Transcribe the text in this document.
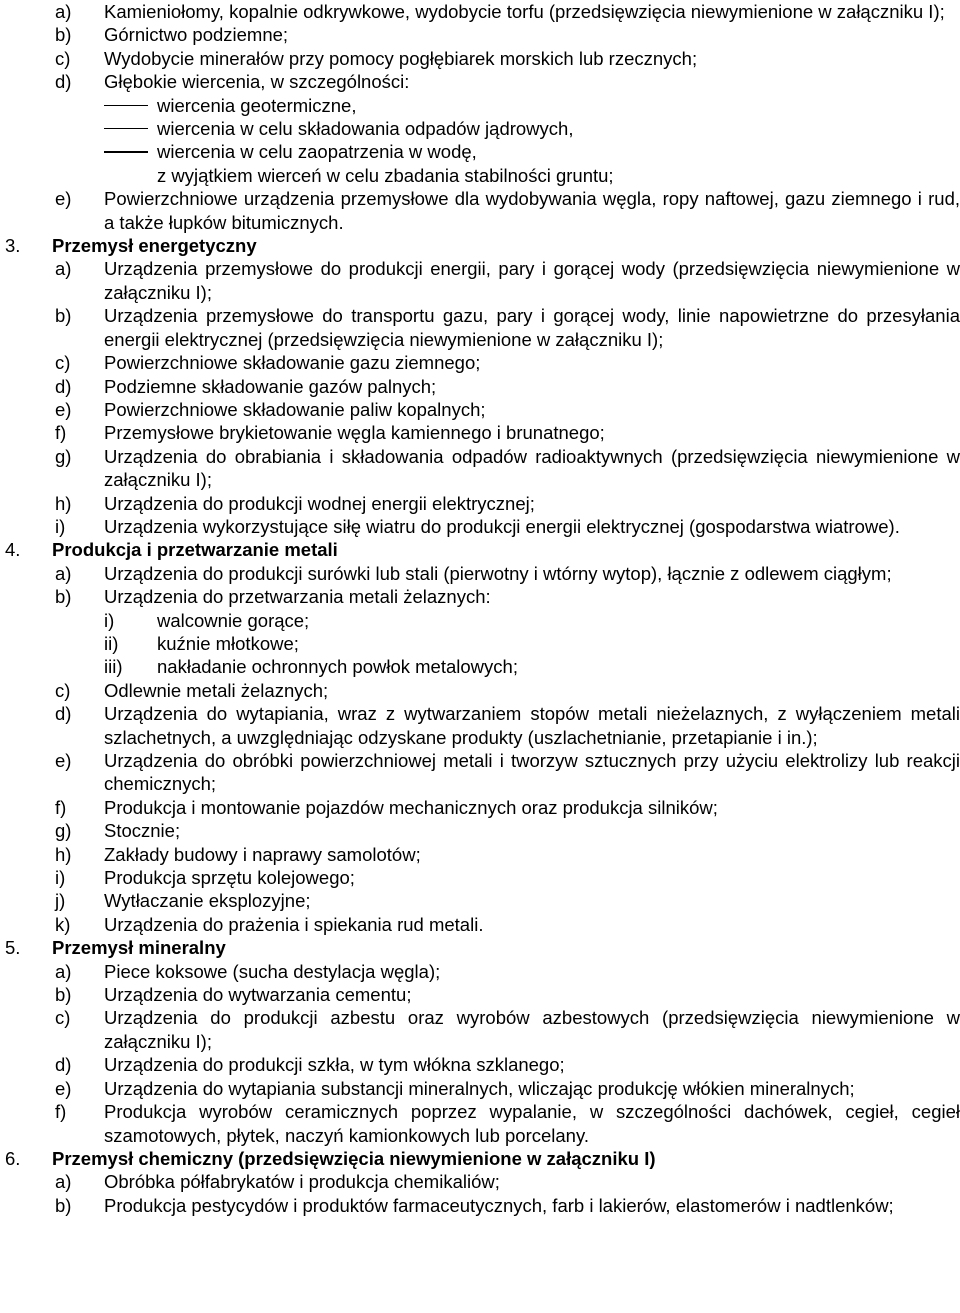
a) Kamieniołomy, kopalnie odkrywkowe, wydobycie torfu (przedsięwzięcia niewymienione w załączniku I);
b) Górnictwo podziemne;
c) Wydobycie minerałów przy pomocy pogłębiarek morskich lub rzecznych;
d) Głębokie wiercenia, w szczególności:
wiercenia geotermiczne,
wiercenia w celu składowania odpadów jądrowych,
wiercenia w celu zaopatrzenia w wodę,
z wyjątkiem wierceń w celu zbadania stabilności gruntu;
e) Powierzchniowe urządzenia przemysłowe dla wydobywania węgla, ropy naftowej, gazu ziemnego i rud, a także łupków bitumicznych.
3. Przemysł energetyczny
a) Urządzenia przemysłowe do produkcji energii, pary i gorącej wody (przedsięwzięcia niewymienione w załączniku I);
b) Urządzenia przemysłowe do transportu gazu, pary i gorącej wody, linie napowietrzne do przesyłania energii elektrycznej (przedsięwzięcia niewymienione w załączniku I);
c) Powierzchniowe składowanie gazu ziemnego;
d) Podziemne składowanie gazów palnych;
e) Powierzchniowe składowanie paliw kopalnych;
f) Przemysłowe brykietowanie węgla kamiennego i brunatnego;
g) Urządzenia do obrabiania i składowania odpadów radioaktywnych (przedsięwzięcia niewymienione w załączniku I);
h) Urządzenia do produkcji wodnej energii elektrycznej;
i) Urządzenia wykorzystujące siłę wiatru do produkcji energii elektrycznej (gospodarstwa wiatrowe).
4. Produkcja i przetwarzanie metali
a) Urządzenia do produkcji surówki lub stali (pierwotny i wtórny wytop), łącznie z odlewem ciągłym;
b) Urządzenia do przetwarzania metali żelaznych:
i) walcownie gorące;
ii) kuźnie młotkowe;
iii) nakładanie ochronnych powłok metalowych;
c) Odlewnie metali żelaznych;
d) Urządzenia do wytapiania, wraz z wytwarzaniem stopów metali nieżelaznych, z wyłączeniem metali szlachetnych, a uwzględniając odzyskane produkty (uszlachetnianie, przetapianie i in.);
e) Urządzenia do obróbki powierzchniowej metali i tworzyw sztucznych przy użyciu elektrolizy lub reakcji chemicznych;
f) Produkcja i montowanie pojazdów mechanicznych oraz produkcja silników;
g) Stocznie;
h) Zakłady budowy i naprawy samolotów;
i) Produkcja sprzętu kolejowego;
j) Wytłaczanie eksplozyjne;
k) Urządzenia do prażenia i spiekania rud metali.
5. Przemysł mineralny
a) Piece koksowe (sucha destylacja węgla);
b) Urządzenia do wytwarzania cementu;
c) Urządzenia do produkcji azbestu oraz wyrobów azbestowych (przedsięwzięcia niewymienione w załączniku I);
d) Urządzenia do produkcji szkła, w tym włókna szklanego;
e) Urządzenia do wytapiania substancji mineralnych, wliczając produkcję włókien mineralnych;
f) Produkcja wyrobów ceramicznych poprzez wypalanie, w szczególności dachówek, cegieł, cegieł szamotowych, płytek, naczyń kamionkowych lub porcelany.
6. Przemysł chemiczny (przedsięwzięcia niewymienione w załączniku I)
a) Obróbka półfabrykatów i produkcja chemikaliów;
b) Produkcja pestycydów i produktów farmaceutycznych, farb i lakierów, elastomerów i nadtlenków;
